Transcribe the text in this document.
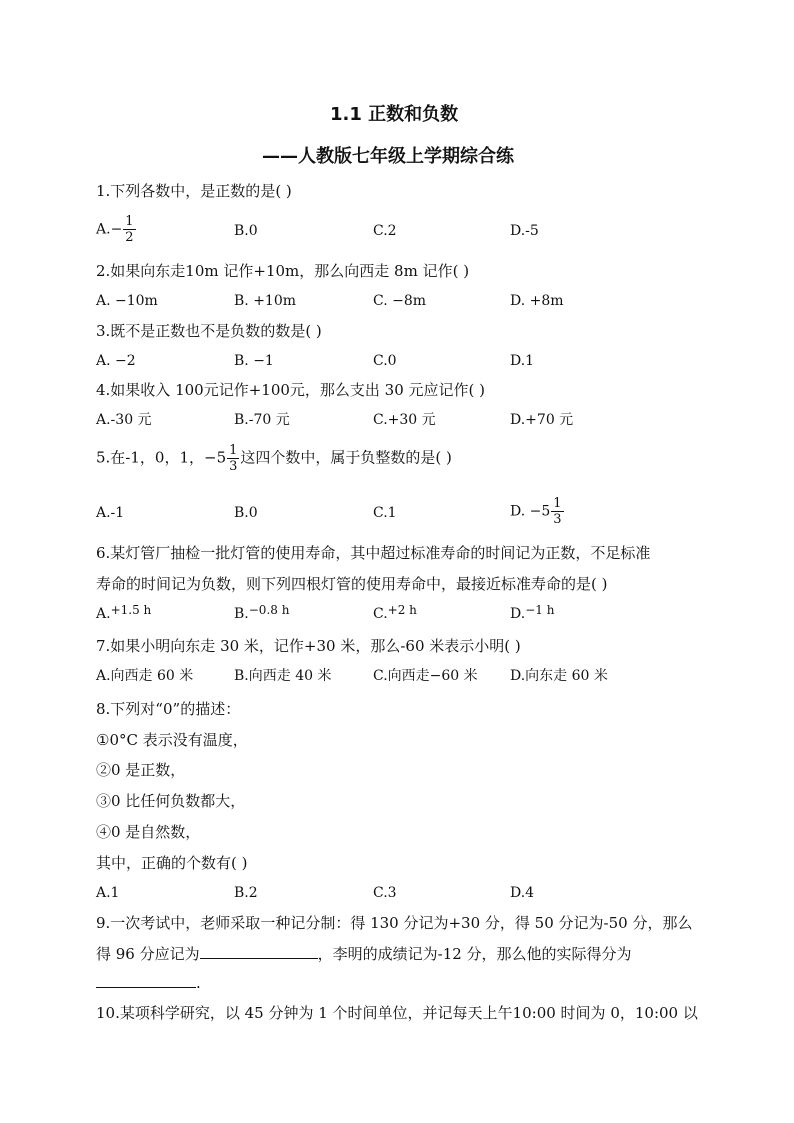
1.1 正数和负数
——人教版七年级上学期综合练
1.下列各数中，是正数的是( )
$A.- \frac{1}{2}$	B.0	C.2	D.-5
2.如果向东走10m 记作+10m，那么向西走 8m 记作( )
A. −10m	B. +10m	C. −8m	D. +8m
3.既不是正数也不是负数的数是( )
A. −2	B. −1	C.0	D.1
4.如果收入 100元记作+100元，那么支出 30 元应记作( )
A.-30 元	B.-70 元	C.+30 元	D.+70 元
5.在-1，0，1，$-5 \frac{1}{3}$ 这四个数中，属于负整数的是( )
A.-1	B.0	C.1	D. $-5 \frac{1}{3}$
6.某灯管厂抽检一批灯管的使用寿命，其中超过标准寿命的时间记为正数，不足标准
寿命的时间记为负数，则下列四根灯管的使用寿命中，最接近标准寿命的是( )
A.+1.5 h	B.−0.8 h	C.+2 h	D.−1 h
7.如果小明向东走 30 米，记作+30 米，那么-60 米表示小明( )
A.向西走 60 米	B.向西走 40 米	C.向西走−60 米 D.向东走 60 米
8.下列对“0”的描述：
①0°C 表示没有温度，
②0 是正数，
③0 比任何负数都大，
④0 是自然数，
其中，正确的个数有( )
A.1	B.2	C.3	D.4
9.一次考试中，老师采取一种记分制：得 130 分记为+30 分，得 50 分记为-50 分，那么
得 96 分应记为	，李明的成绩记为-12 分，那么他的实际得分为
.
10.某项科学研究，以 45 分钟为 1 个时间单位，并记每天上午10:00 时间为 0，10:00 以
